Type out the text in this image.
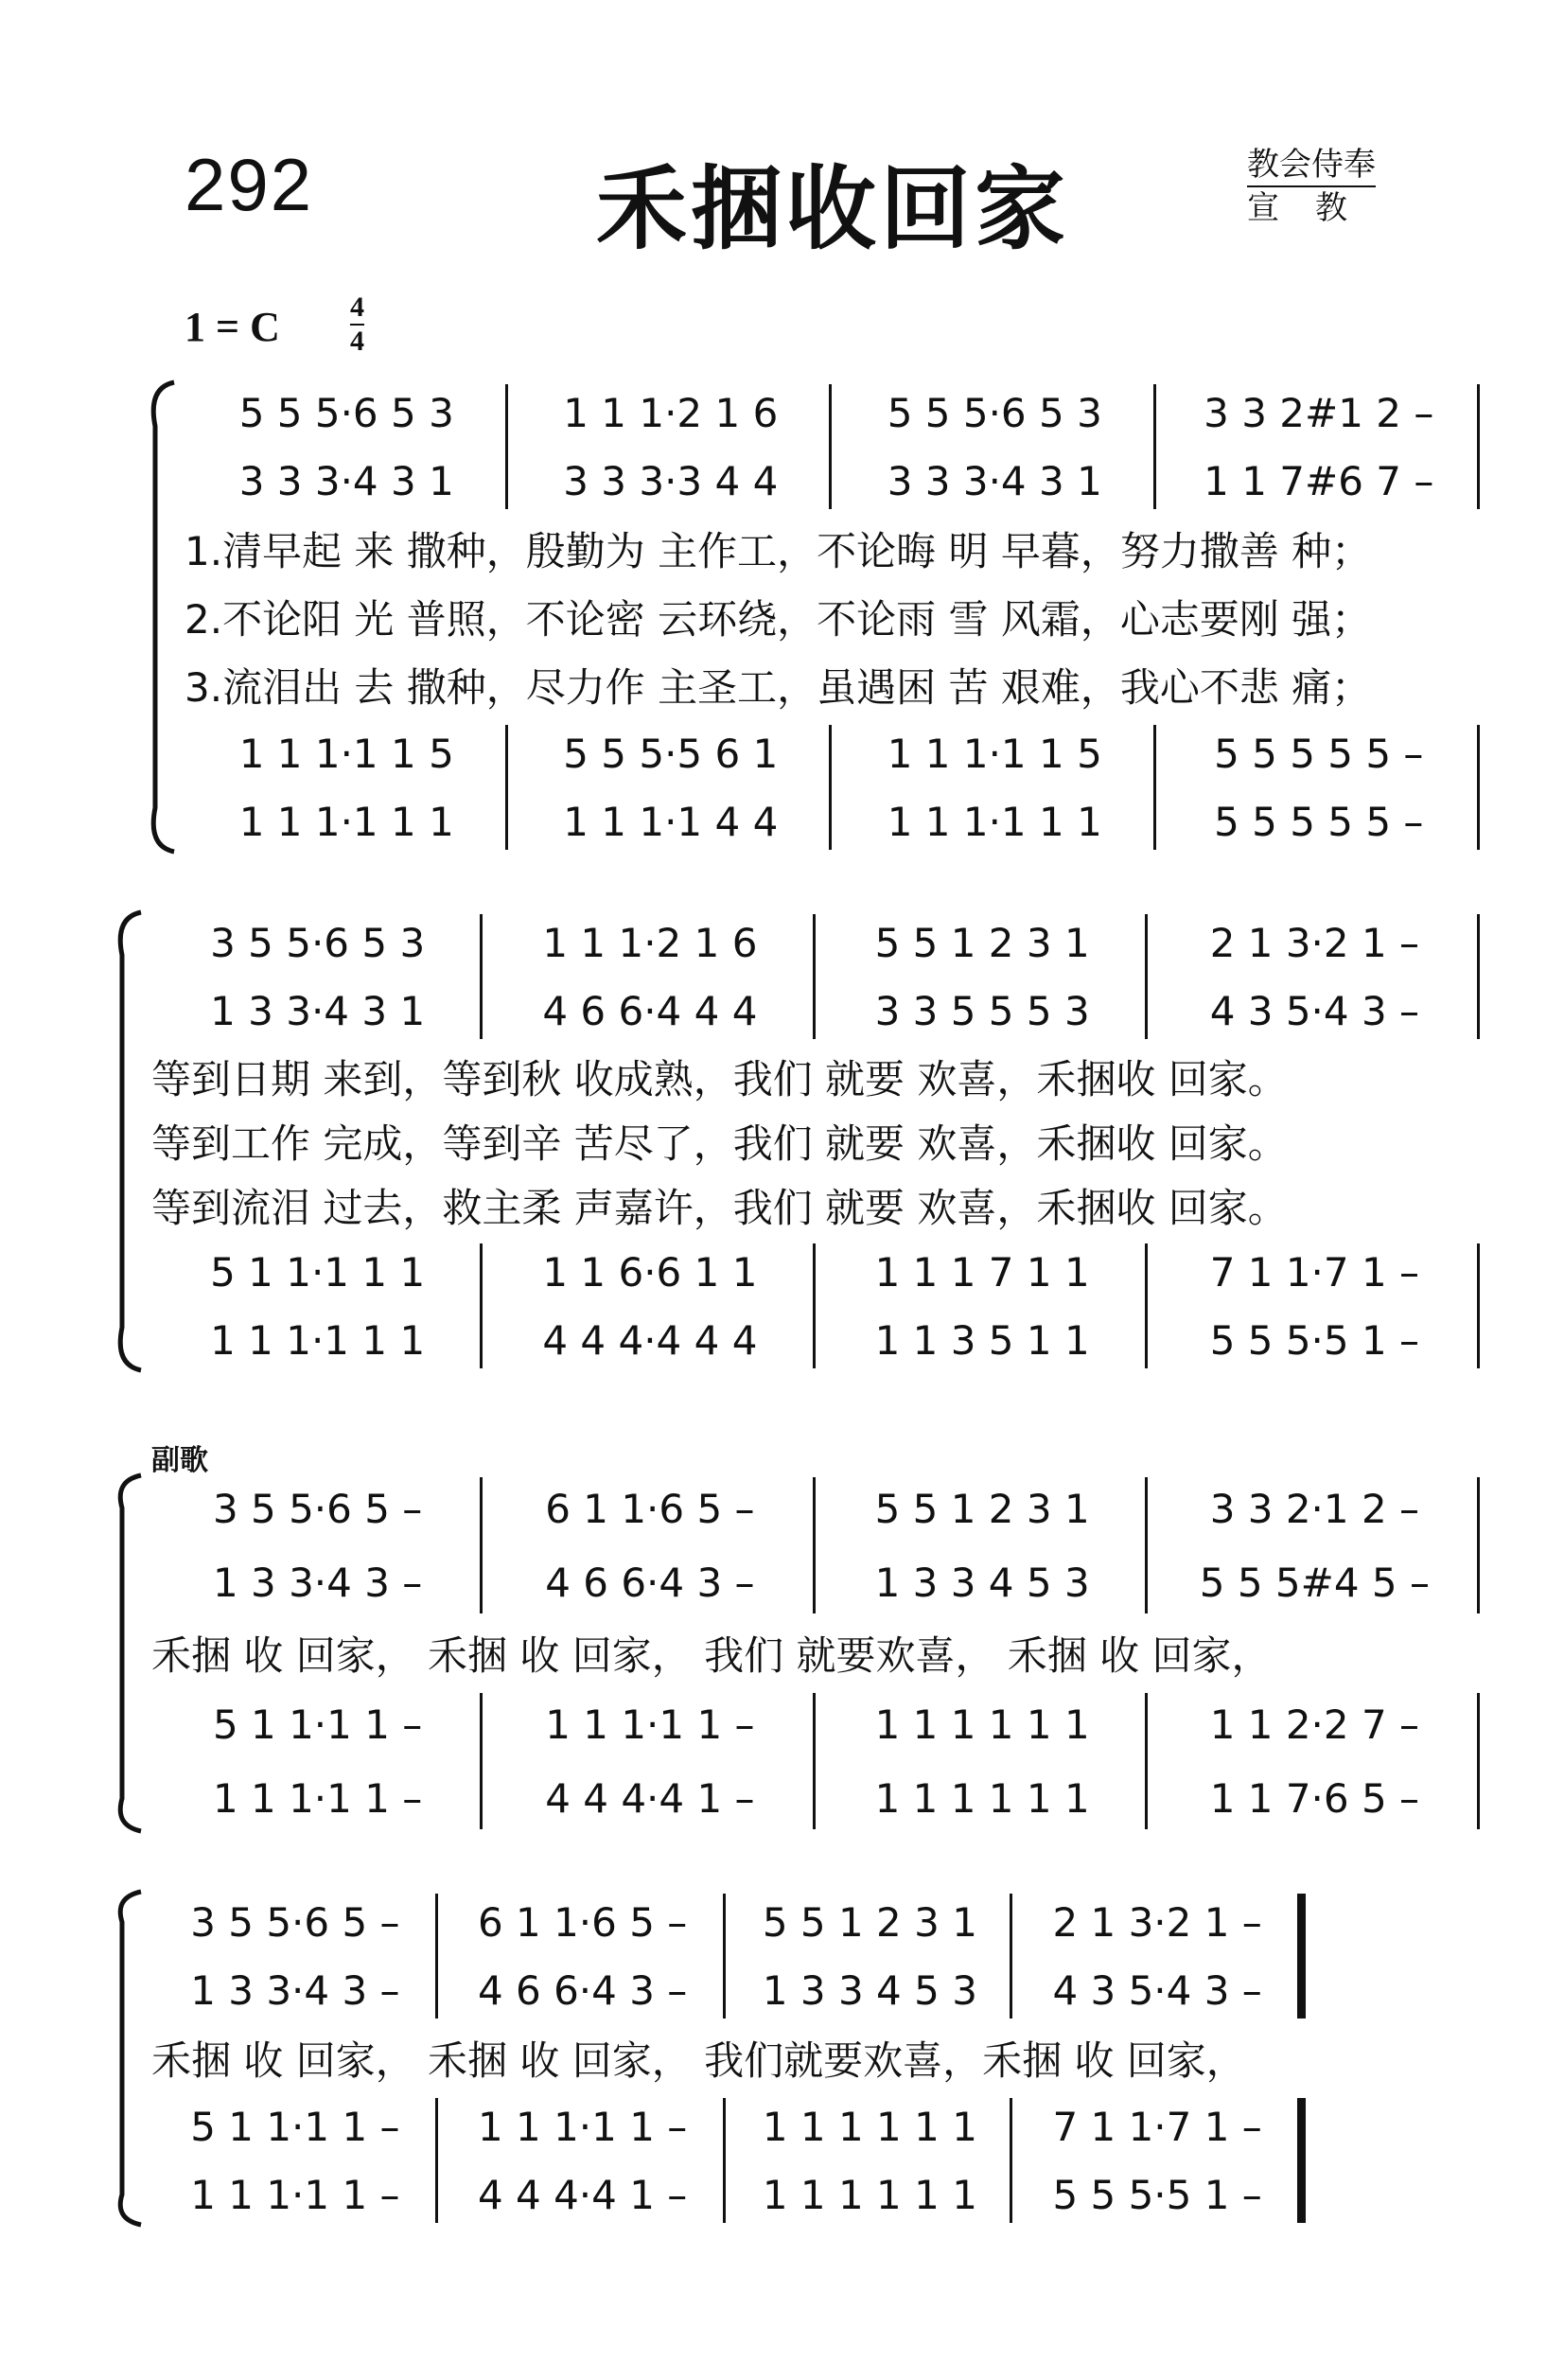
292	禾捆收回家	教会侍奉
宣教
1 = C 4
4
副歌
5 5 5·6 5 3	1 1 1·2 1 6	5 5 5·6 5 3	3 3 2#1 2 –
3 3 3·4 3 1	3 3 3·3 4 4	3 3 3·4 3 1	1 1 7#6 7 –
1.清早起 来 撒种，殷勤为 主作工，不论晦 明 早暮，努力撒善 种；
2.不论阳 光 普照，不论密 云环绕，不论雨 雪 风霜，心志要刚 强；
3.流泪出 去 撒种，尽力作 主圣工，虽遇困 苦 艰难，我心不悲 痛；
1 1 1·1 1 5	5 5 5·5 6 1	1 1 1·1 1 5	5 5 5 5 5 –
1 1 1·1 1 1	1 1 1·1 4 4	1 1 1·1 1 1	5 5 5 5 5 –
3 5 5·6 5 3	1 1 1·2 1 6	5 5 1 2 3 1	2 1 3·2 1 –
1 3 3·4 3 1	4 6 6·4 4 4	3 3 5 5 5 3	4 3 5·4 3 –
等到日期 来到，等到秋 收成熟，我们 就要 欢喜，禾捆收 回家。
等到工作 完成，等到辛 苦尽了，我们 就要 欢喜，禾捆收 回家。
等到流泪 过去，救主柔 声嘉许，我们 就要 欢喜，禾捆收 回家。
5 1 1·1 1 1	1 1 6·6 1 1	1 1 1 7 1 1	7 1 1·7 1 –
1 1 1·1 1 1	4 4 4·4 4 4	1 1 3 5 1 1	5 5 5·5 1 –
3 5 5·6 5 –	6 1 1·6 5 –	5 5 1 2 3 1	3 3 2·1 2 –
1 3 3·4 3 –	4 6 6·4 3 –	1 3 3 4 5 3	5 5 5#4 5 –
禾捆 收 回家， 禾捆 收 回家， 我们 就要欢喜， 禾捆 收 回家，
5 1 1·1 1 –	1 1 1·1 1 –	1 1 1 1 1 1	1 1 2·2 7 –
1 1 1·1 1 –	4 4 4·4 1 –	1 1 1 1 1 1	1 1 7·6 5 –
3 5 5·6 5 –	6 1 1·6 5 –	5 5 1 2 3 1	2 1 3·2 1 –
1 3 3·4 3 –	4 6 6·4 3 –	1 3 3 4 5 3	4 3 5·4 3 –
禾捆 收 回家， 禾捆 收 回家， 我们就要欢喜，禾捆 收 回家，
5 1 1·1 1 –	1 1 1·1 1 –	1 1 1 1 1 1	7 1 1·7 1 –
1 1 1·1 1 –	4 4 4·4 1 –	1 1 1 1 1 1	5 5 5·5 1 –
